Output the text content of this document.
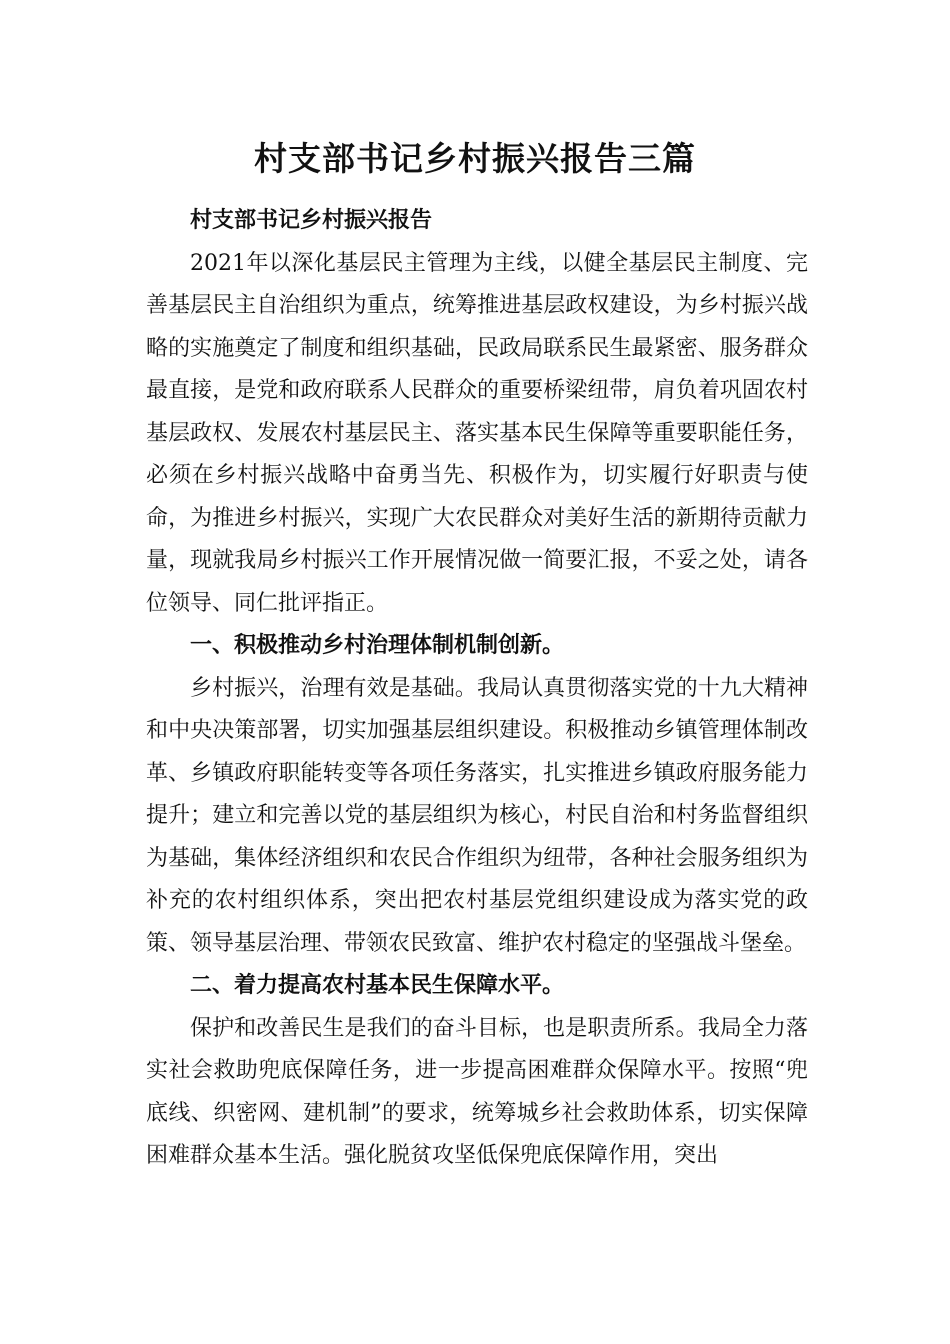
村支部书记乡村振兴报告三篇

村支部书记乡村振兴报告

2021年以深化基层民主管理为主线，以健全基层民主制度、完善基层民主自治组织为重点，统筹推进基层政权建设，为乡村振兴战略的实施奠定了制度和组织基础，民政局联系民生最紧密、服务群众最直接，是党和政府联系人民群众的重要桥梁纽带，肩负着巩固农村基层政权、发展农村基层民主、落实基本民生保障等重要职能任务，必须在乡村振兴战略中奋勇当先、积极作为，切实履行好职责与使命，为推进乡村振兴，实现广大农民群众对美好生活的新期待贡献力量，现就我局乡村振兴工作开展情况做一简要汇报，不妥之处，请各位领导、同仁批评指正。

一、积极推动乡村治理体制机制创新。

乡村振兴，治理有效是基础。我局认真贯彻落实党的十九大精神和中央决策部署，切实加强基层组织建设。积极推动乡镇管理体制改革、乡镇政府职能转变等各项任务落实，扎实推进乡镇政府服务能力提升；建立和完善以党的基层组织为核心，村民自治和村务监督组织为基础，集体经济组织和农民合作组织为纽带，各种社会服务组织为补充的农村组织体系，突出把农村基层党组织建设成为落实党的政策、领导基层治理、带领农民致富、维护农村稳定的坚强战斗堡垒。

二、着力提高农村基本民生保障水平。

保护和改善民生是我们的奋斗目标，也是职责所系。我局全力落实社会救助兜底保障任务，进一步提高困难群众保障水平。按照“兜底线、织密网、建机制”的要求，统筹城乡社会救助体系，切实保障困难群众基本生活。强化脱贫攻坚低保兜底保障作用，突出
